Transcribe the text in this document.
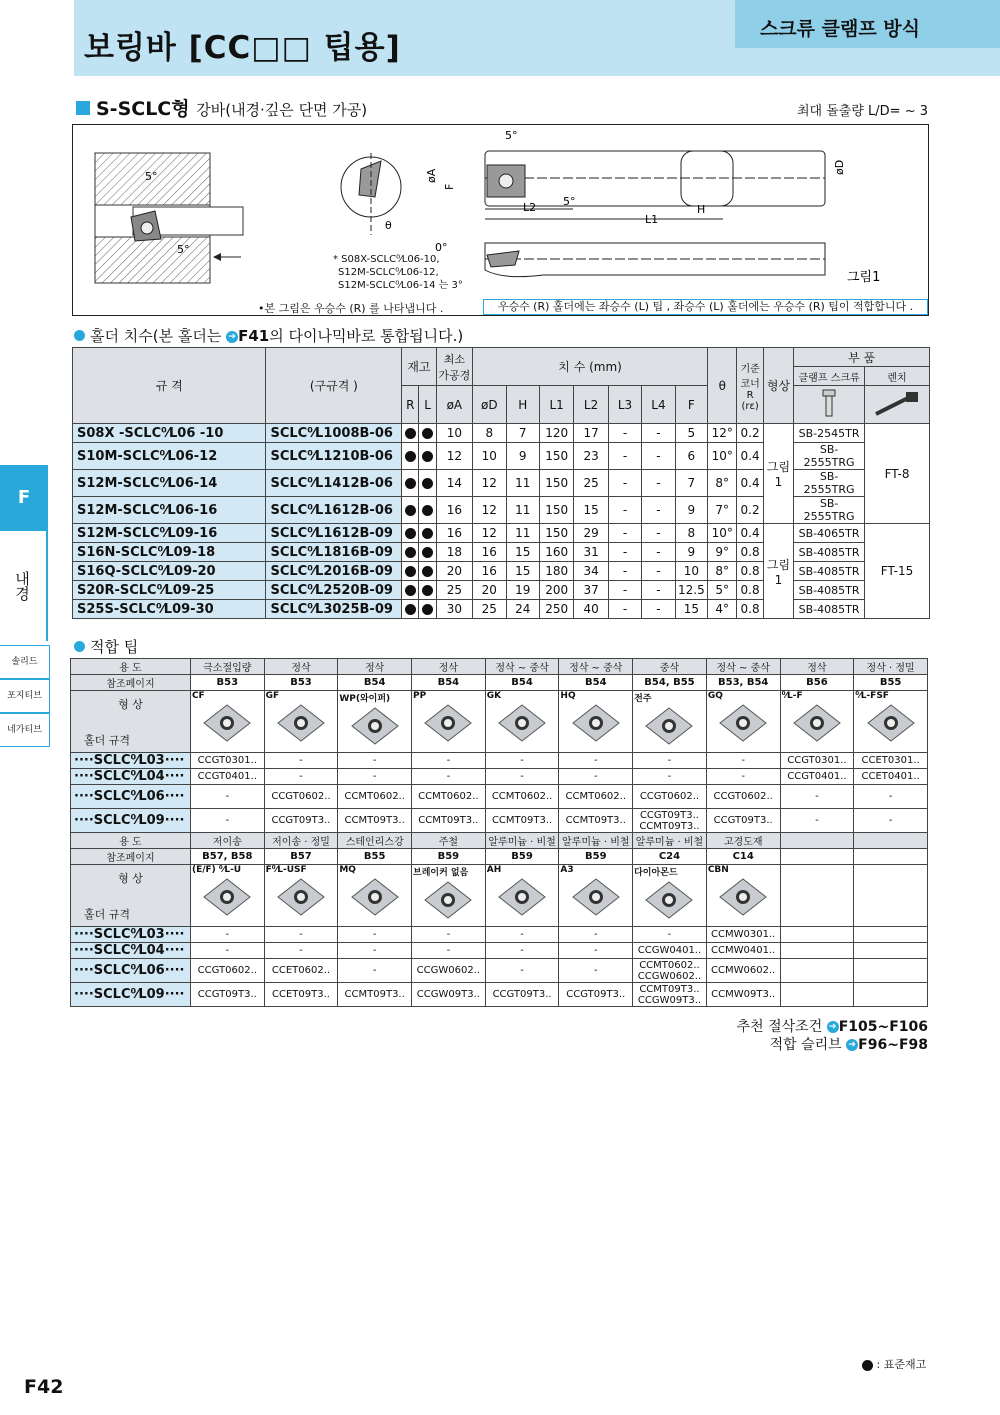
보링바 [CC□□ 팁용]
스크류 클램프 방식
F
내경
솔리드
포지티브
네가티브
S-SCLC형 강바(내경·깊은 단면 가공)	최대 돌출량 L/D= ~ 3
5°
5°
θ
5°
5°
øA
F
L2
L1
H
øD
0°
그림1
* S08X-SCLC⁰⁄L06-10,
S12M-SCLC⁰⁄L06-12,
S12M-SCLC⁰⁄L06-14 는 3°
•본 그림은 우승수 (R) 를 나타냅니다 .	우승수 (R) 홀더에는 좌승수 (L) 팁 , 좌승수 (L) 홀더에는 우승수 (R) 팁이 적합합니다 .
홀더 치수(본 홀더는 ➔ F41의 다이나믹바로 통합됩니다.)
규 격	(구규격 )	재고		최소 가공경	치 수 (mm)							θ	기준코너R (rε)	형상	부 품	
															클램프 스크류	렌치
		R	L	øA	øD	H	L1	L2	L3	L4	F		
S08X -SCLC⁰⁄L06 -10	SCLC⁰⁄L1008B-06			10	8	7	120	17	-	-	5	12°	0.2	그림1	SB-2545TR	FT-8
S10M-SCLC⁰⁄L06-12	SCLC⁰⁄L1210B-06			12	10	9	150	23	-	-	6	10°	0.4		SB-2555TRG	
S12M-SCLC⁰⁄L06-14	SCLC⁰⁄L1412B-06			14	12	11	150	25	-	-	7	8°	0.4		SB-2555TRG	
S12M-SCLC⁰⁄L06-16	SCLC⁰⁄L1612B-06			16	12	11	150	15	-	-	9	7°	0.2		SB-2555TRG	
S12M-SCLC⁰⁄L09-16	SCLC⁰⁄L1612B-09			16	12	11	150	29	-	-	8	10°	0.4	그림1	SB-4065TR	FT-15
S16N-SCLC⁰⁄L09-18	SCLC⁰⁄L1816B-09			18	16	15	160	31	-	-	9	9°	0.8		SB-4085TR	
S16Q-SCLC⁰⁄L09-20	SCLC⁰⁄L2016B-09			20	16	15	180	34	-	-	10	8°	0.8		SB-4085TR	
S20R-SCLC⁰⁄L09-25	SCLC⁰⁄L2520B-09			25	20	19	200	37	-	-	12.5	5°	0.8		SB-4085TR	
S25S-SCLC⁰⁄L09-30	SCLC⁰⁄L3025B-09			30	25	24	250	40	-	-	15	4°	0.8		SB-4085TR	
적합 팁
용 도	극소절입량	정삭	정삭	정삭	정삭 ~ 중삭	정삭 ~ 중삭	중삭	정삭 ~ 중삭	정삭	정삭 · 정밀
참조페이지	B53	B53	B54	B54	B54	B54	B54, B55	B53, B54	B56	B55

형 상
홀더 규격	CF	GF	WP(와이퍼)	PP	GK	HQ	전주	GQ	⁰⁄L-F	⁰⁄L-FSF

····SCLC⁰⁄L03····	CCGT0301..	-	-	-	-	-	-	-	CCGT0301..	CCET0301..
····SCLC⁰⁄L04····	CCGT0401..	-	-	-	-	-	-	-	CCGT0401..	CCET0401..
····SCLC⁰⁄L06····	-	CCGT0602..	CCMT0602..	CCMT0602..	CCMT0602..	CCMT0602..	CCGT0602..	CCGT0602..	-	-
····SCLC⁰⁄L09····	-	CCGT09T3..	CCMT09T3..	CCMT09T3..	CCMT09T3..	CCMT09T3..	CCGT09T3.. CCMT09T3..	CCGT09T3..	-	-
용 도	저이송	저이송 · 정밀	스테인리스강	주철	알루미늄 · 비철	알루미늄 · 비철	알루미늄 · 비철	고경도재		
참조페이지	B57, B58	B57	B55	B59	B59	B59	C24	C14		

형 상
홀더 규격	(E/F) ⁰⁄L-U	F⁰⁄L-USF	MQ	브레이커 없음	AH	A3	다이아몬드	CBN		

····SCLC⁰⁄L03····	-	-	-	-	-	-	-	CCMW0301..		
····SCLC⁰⁄L04····	-	-	-	-	-	-	CCGW0401..	CCMW0401..		
····SCLC⁰⁄L06····	CCGT0602..	CCET0602..	-	CCGW0602..	-	-	CCMT0602.. CCGW0602..	CCMW0602..		
····SCLC⁰⁄L09····	CCGT09T3..	CCET09T3..	CCMT09T3..	CCGW09T3..	CCGT09T3..	CCGT09T3..	CCMT09T3.. CCGW09T3..	CCMW09T3..		
추천 절삭조건 ➔ F105~F106
적합 슬리브 ➔ F96~F98
: 표준재고
F42
